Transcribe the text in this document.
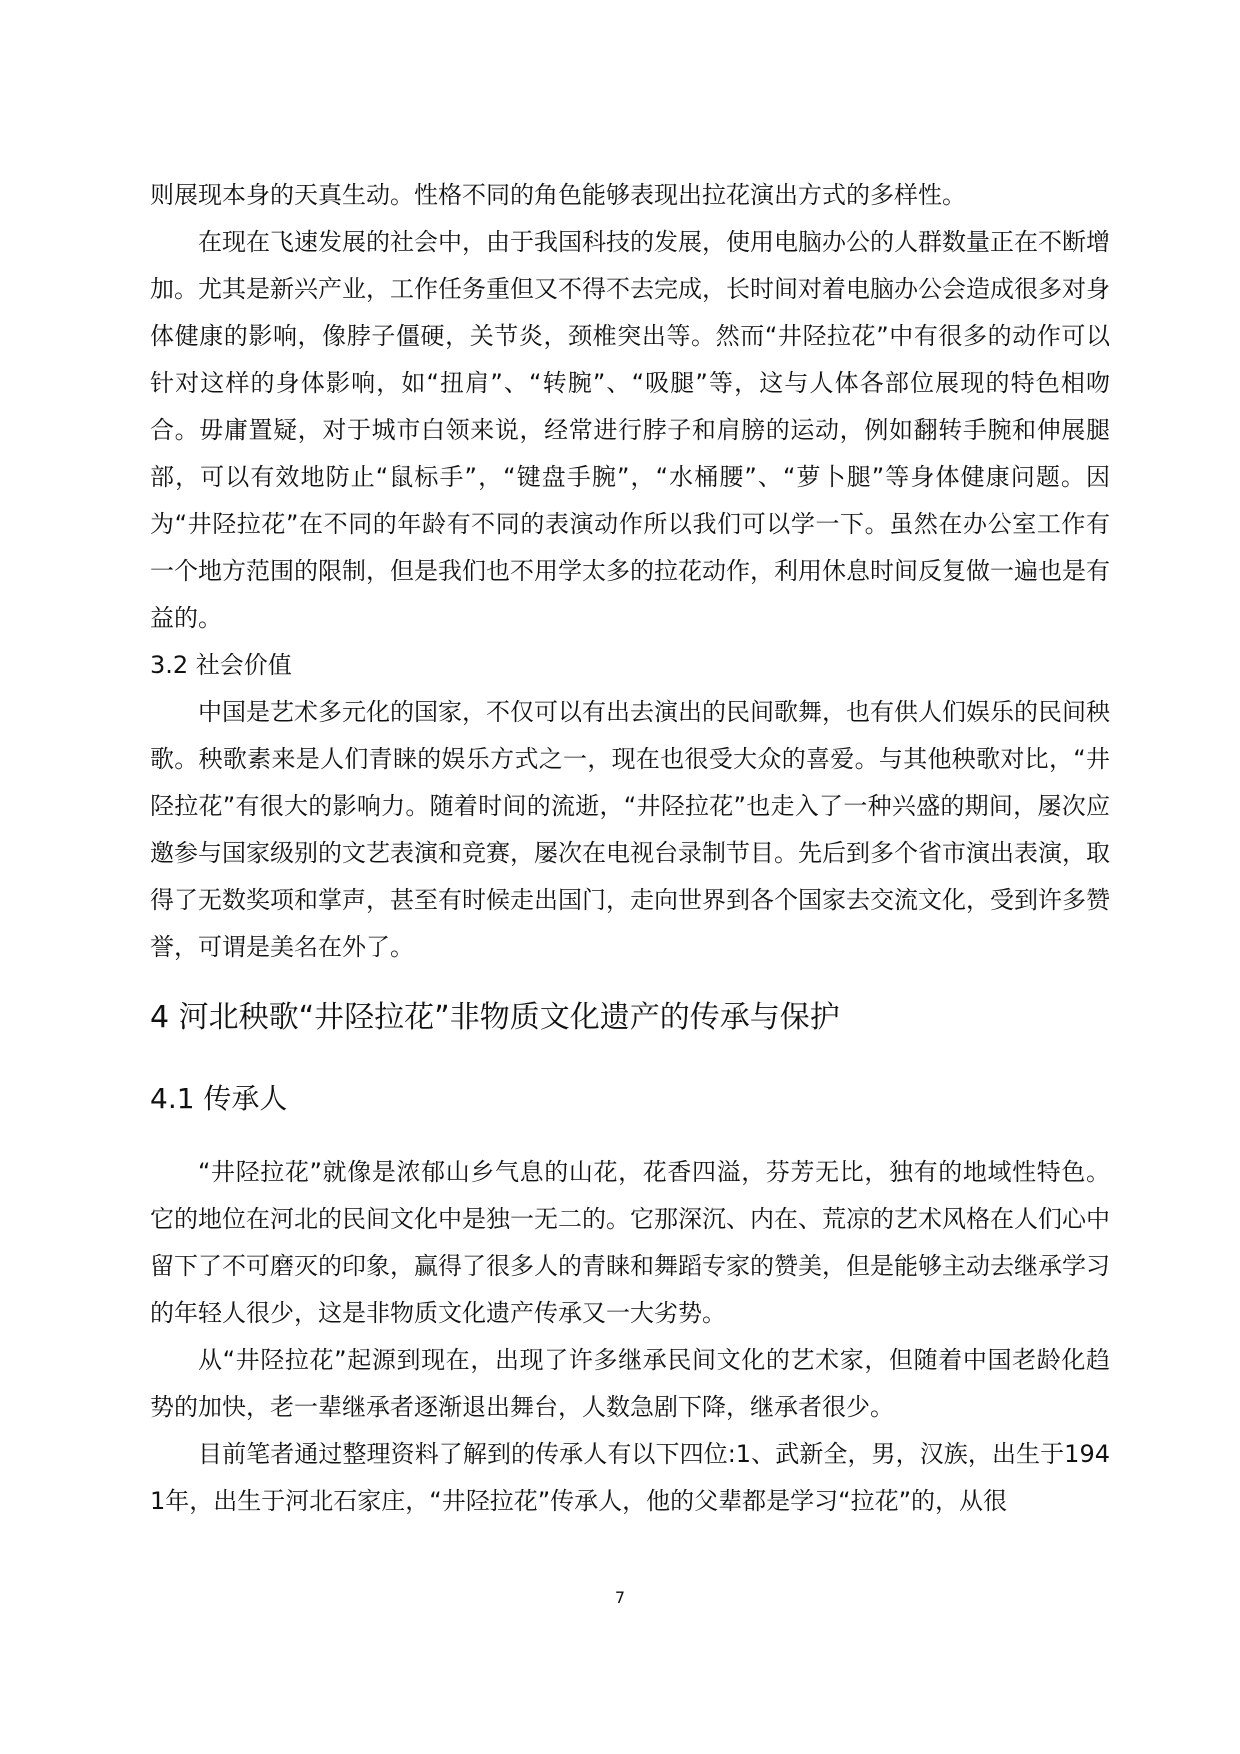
则展现本身的天真生动。性格不同的角色能够表现出拉花演出方式的多样性。

在现在飞速发展的社会中，由于我国科技的发展，使用电脑办公的人群数量正在不断增加。尤其是新兴产业，工作任务重但又不得不去完成，长时间对着电脑办公会造成很多对身体健康的影响，像脖子僵硬，关节炎，颈椎突出等。然而“井陉拉花”中有很多的动作可以针对这样的身体影响，如“扭肩”、“转腕”、“吸腿”等，这与人体各部位展现的特色相吻合。毋庸置疑，对于城市白领来说，经常进行脖子和肩膀的运动，例如翻转手腕和伸展腿部，可以有效地防止“鼠标手”，“键盘手腕”，“水桶腰”、“萝卜腿”等身体健康问题。因为“井陉拉花”在不同的年龄有不同的表演动作所以我们可以学一下。虽然在办公室工作有一个地方范围的限制，但是我们也不用学太多的拉花动作，利用休息时间反复做一遍也是有益的。

3.2 社会价值

中国是艺术多元化的国家，不仅可以有出去演出的民间歌舞，也有供人们娱乐的民间秧歌。秧歌素来是人们青睐的娱乐方式之一，现在也很受大众的喜爱。与其他秧歌对比，“井陉拉花”有很大的影响力。随着时间的流逝，“井陉拉花”也走入了一种兴盛的期间，屡次应邀参与国家级别的文艺表演和竞赛，屡次在电视台录制节目。先后到多个省市演出表演，取得了无数奖项和掌声，甚至有时候走出国门，走向世界到各个国家去交流文化，受到许多赞誉，可谓是美名在外了。

4 河北秧歌“井陉拉花”非物质文化遗产的传承与保护
4.1 传承人

“井陉拉花”就像是浓郁山乡气息的山花，花香四溢，芬芳无比，独有的地域性特色。它的地位在河北的民间文化中是独一无二的。它那深沉、内在、荒凉的艺术风格在人们心中留下了不可磨灭的印象，赢得了很多人的青睐和舞蹈专家的赞美，但是能够主动去继承学习的年轻人很少，这是非物质文化遗产传承又一大劣势。

从“井陉拉花”起源到现在，出现了许多继承民间文化的艺术家，但随着中国老龄化趋势的加快，老一辈继承者逐渐退出舞台，人数急剧下降，继承者很少。

目前笔者通过整理资料了解到的传承人有以下四位:1、武新全，男，汉族，出生于1941年，出生于河北石家庄，“井陉拉花”传承人，他的父辈都是学习“拉花”的，从很

7
